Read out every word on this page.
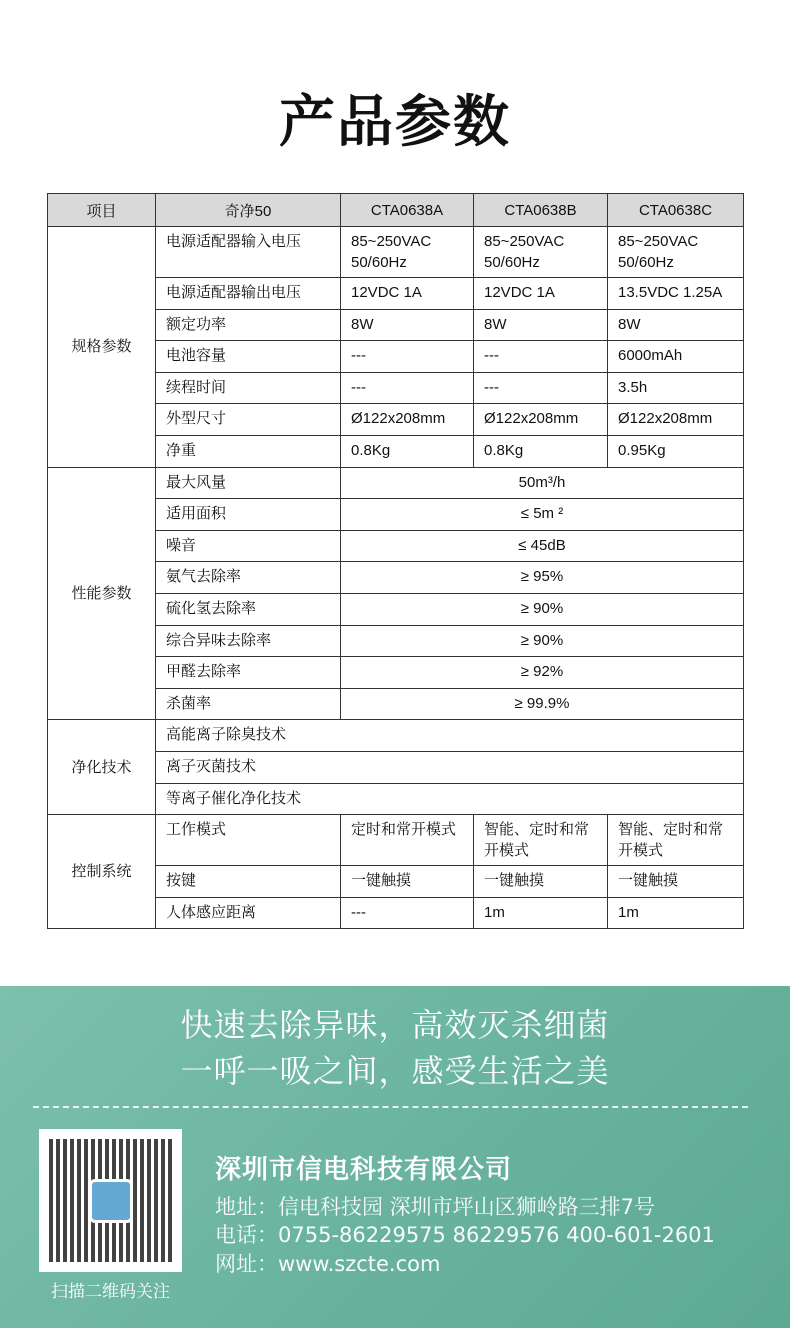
产品参数
项目	奇净50	CTA0638A	CTA0638B	CTA0638C
规格参数	电源适配器输入电压	85~250VAC 50/60Hz	85~250VAC 50/60Hz	85~250VAC 50/60Hz
	电源适配器输出电压	12VDC 1A	12VDC 1A	13.5VDC 1.25A
	额定功率	8W	8W	8W
	电池容量	---	---	6000mAh
	续程时间	---	---	3.5h
	外型尺寸	Ø122x208mm	Ø122x208mm	Ø122x208mm
	净重	0.8Kg	0.8Kg	0.95Kg
性能参数	最大风量	50m³/h		
	适用面积	≤ 5m ²		
	噪音	≤ 45dB		
	氨气去除率	≥ 95%		
	硫化氢去除率	≥ 90%		
	综合异味去除率	≥ 90%		
	甲醛去除率	≥ 92%		
	杀菌率	≥ 99.9%		
净化技术	高能离子除臭技术			
	离子灭菌技术			
	等离子催化净化技术			
控制系统	工作模式	定时和常开模式	智能、定时和常开模式	智能、定时和常开模式
	按键	一键触摸	一键触摸	一键触摸
	人体感应距离	---	1m	1m
快速去除异味，高效灭杀细菌
一呼一吸之间，感受生活之美
扫描二维码关注
深圳市信电科技有限公司
地址：信电科技园 深圳市坪山区狮岭路三排7号
电话：0755-86229575 86229576 400-601-2601
网址：www.szcte.com
